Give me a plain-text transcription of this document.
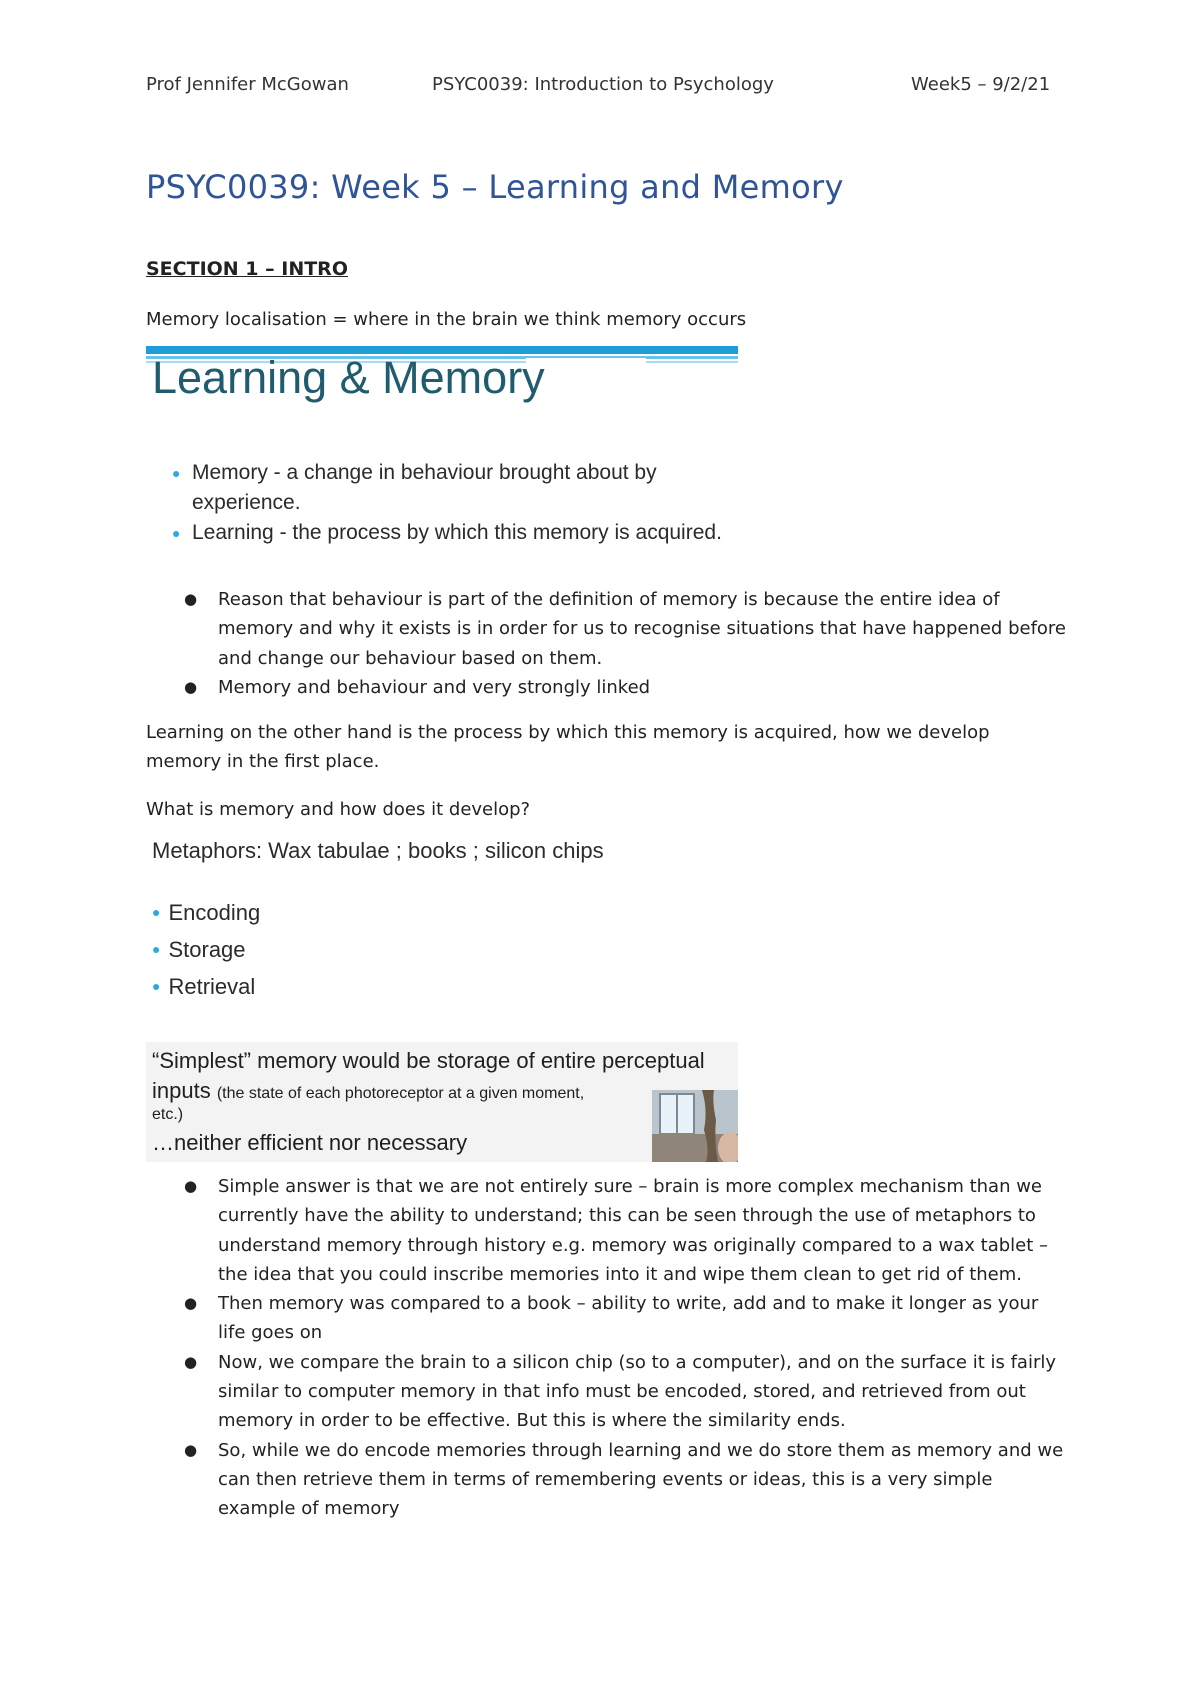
Prof Jennifer McGowan	PSYC0039: Introduction to Psychology	Week5 – 9/2/21
PSYC0039: Week 5 – Learning and Memory
SECTION 1 – INTRO
Memory localisation = where in the brain we think memory occurs
Learning & Memory
● Memory - a change in behaviour brought about by experience.
● Learning - the process by which this memory is acquired.
● Reason that behaviour is part of the definition of memory is because the entire idea of memory and why it exists is in order for us to recognise situations that have happened before and change our behaviour based on them.
● Memory and behaviour and very strongly linked
Learning on the other hand is the process by which this memory is acquired, how we develop memory in the first place.
What is memory and how does it develop?
Metaphors: Wax tabulae ; books ; silicon chips
● Encoding
● Storage
● Retrieval
“Simplest” memory would be storage of entire perceptual
inputs (the state of each photoreceptor at a given moment,
etc.)
…neither efficient nor necessary
● Simple answer is that we are not entirely sure – brain is more complex mechanism than we currently have the ability to understand; this can be seen through the use of metaphors to understand memory through history e.g. memory was originally compared to a wax tablet – the idea that you could inscribe memories into it and wipe them clean to get rid of them.
● Then memory was compared to a book – ability to write, add and to make it longer as your life goes on
● Now, we compare the brain to a silicon chip (so to a computer), and on the surface it is fairly similar to computer memory in that info must be encoded, stored, and retrieved from out memory in order to be effective. But this is where the similarity ends.
● So, while we do encode memories through learning and we do store them as memory and we can then retrieve them in terms of remembering events or ideas, this is a very simple example of memory
